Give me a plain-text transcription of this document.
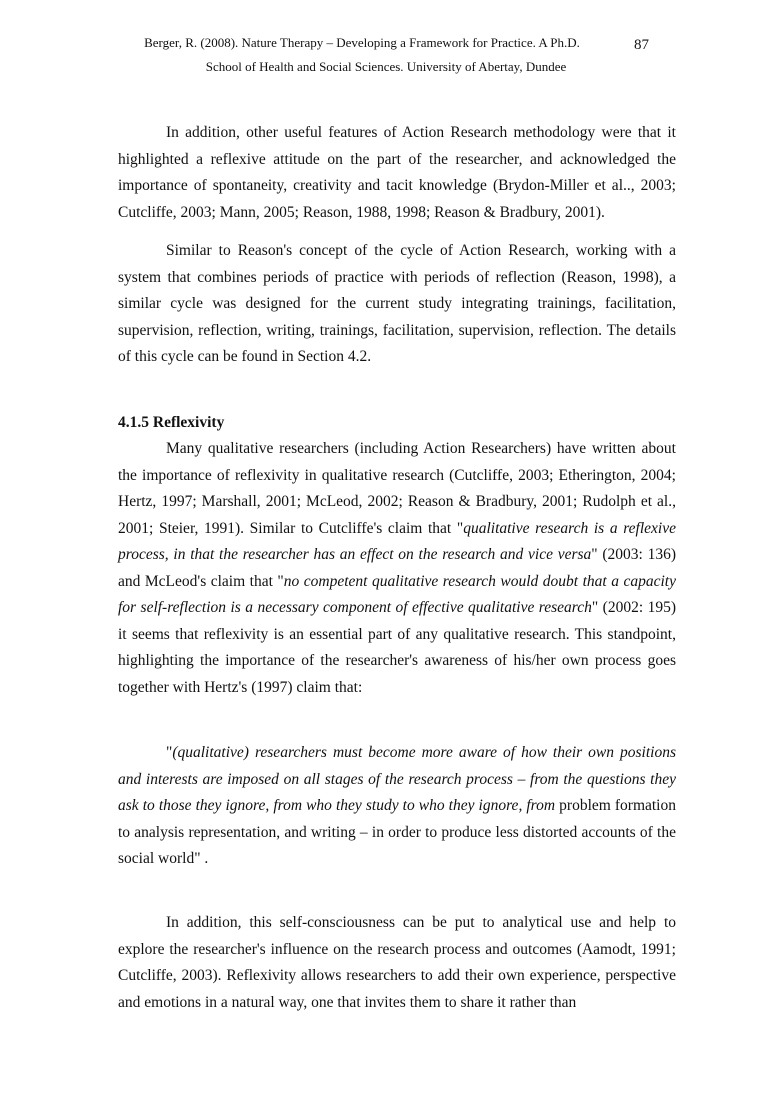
Berger, R. (2008). Nature Therapy – Developing a Framework for Practice. A Ph.D.
School of Health and Social Sciences. University of Abertay, Dundee
87
In addition, other useful features of Action Research methodology were that it highlighted a reflexive attitude on the part of the researcher, and acknowledged the importance of spontaneity, creativity and tacit knowledge (Brydon-Miller et al.., 2003; Cutcliffe, 2003; Mann, 2005; Reason, 1988, 1998; Reason & Bradbury, 2001).
Similar to Reason's concept of the cycle of Action Research, working with a system that combines periods of practice with periods of reflection (Reason, 1998), a similar cycle was designed for the current study integrating trainings, facilitation, supervision, reflection, writing, trainings, facilitation, supervision, reflection. The details of this cycle can be found in Section 4.2.
4.1.5 Reflexivity
Many qualitative researchers (including Action Researchers) have written about the importance of reflexivity in qualitative research (Cutcliffe, 2003; Etherington, 2004; Hertz, 1997; Marshall, 2001; McLeod, 2002; Reason & Bradbury, 2001; Rudolph et al., 2001; Steier, 1991). Similar to Cutcliffe's claim that "qualitative research is a reflexive process, in that the researcher has an effect on the research and vice versa" (2003: 136) and McLeod's claim that "no competent qualitative research would doubt that a capacity for self-reflection is a necessary component of effective qualitative research" (2002: 195) it seems that reflexivity is an essential part of any qualitative research. This standpoint, highlighting the importance of the researcher's awareness of his/her own process goes together with Hertz's (1997) claim that:
"(qualitative) researchers must become more aware of how their own positions and interests are imposed on all stages of the research process – from the questions they ask to those they ignore, from who they study to who they ignore, from problem formation to analysis representation, and writing – in order to produce less distorted accounts of the social world" .
In addition, this self-consciousness can be put to analytical use and help to explore the researcher's influence on the research process and outcomes (Aamodt, 1991; Cutcliffe, 2003). Reflexivity allows researchers to add their own experience, perspective and emotions in a natural way, one that invites them to share it rather than
